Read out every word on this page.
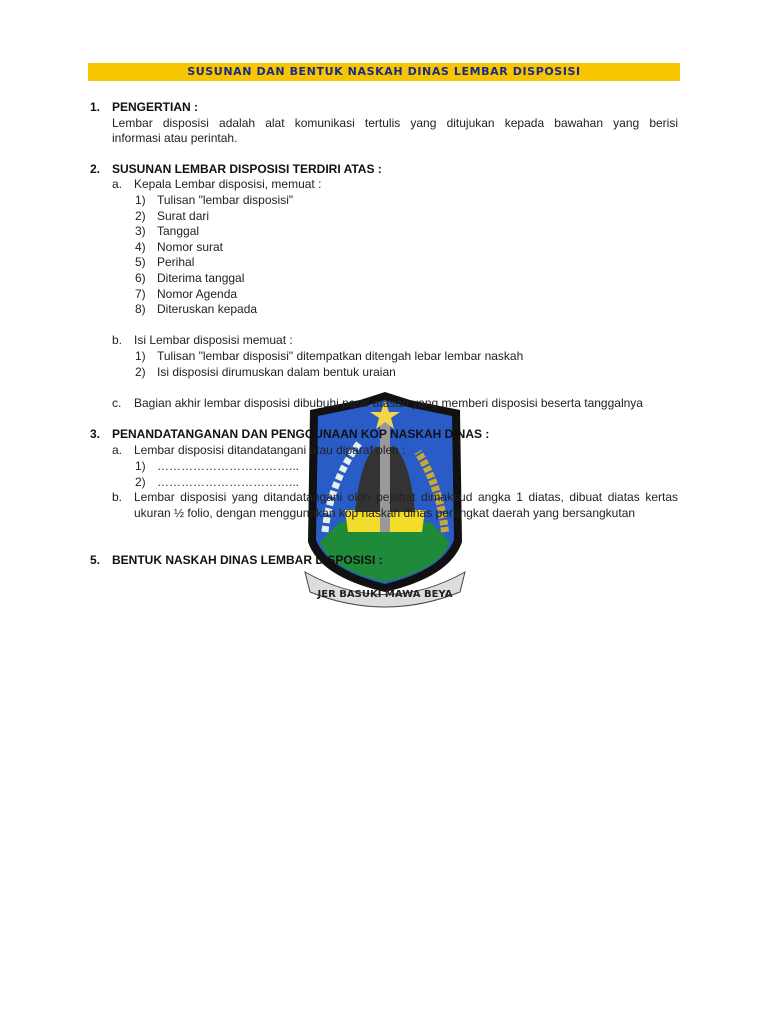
SUSUNAN DAN BENTUK NASKAH DINAS LEMBAR DISPOSISI
JER BASUKI MAWA BEYA
1. PENGERTIAN :
Lembar disposisi adalah alat komunikasi tertulis yang ditujukan kepada bawahan yang berisi
informasi atau perintah.
2. SUSUNAN LEMBAR DISPOSISI TERDIRI ATAS :
a. Kepala Lembar disposisi, memuat :
1) Tulisan "lembar disposisi"
2) Surat dari
3) Tanggal
4) Nomor surat
5) Perihal
6) Diterima tanggal
7) Nomor Agenda
8) Diteruskan kepada
b. Isi Lembar disposisi memuat :
1) Tulisan "lembar disposisi" ditempatkan ditengah lebar lembar naskah
2) Isi disposisi dirumuskan dalam bentuk uraian
c. Bagian akhir lembar disposisi dibubuhi paraf atasan yang memberi disposisi beserta tanggalnya
3. PENANDATANGANAN DAN PENGGUNAAN KOP NASKAH DINAS :
a. Lembar disposisi ditandatangani atau diparaf oleh :
1) ……………………………...
2) ……………………………...
b. Lembar disposisi yang ditandatangani oleh pejabat dimaksud angka 1 diatas, dibuat diatas kertas
ukuran ½ folio, dengan menggunakan kop naskah dinas perangkat daerah yang bersangkutan
5. BENTUK NASKAH DINAS LEMBAR DISPOSISI :
